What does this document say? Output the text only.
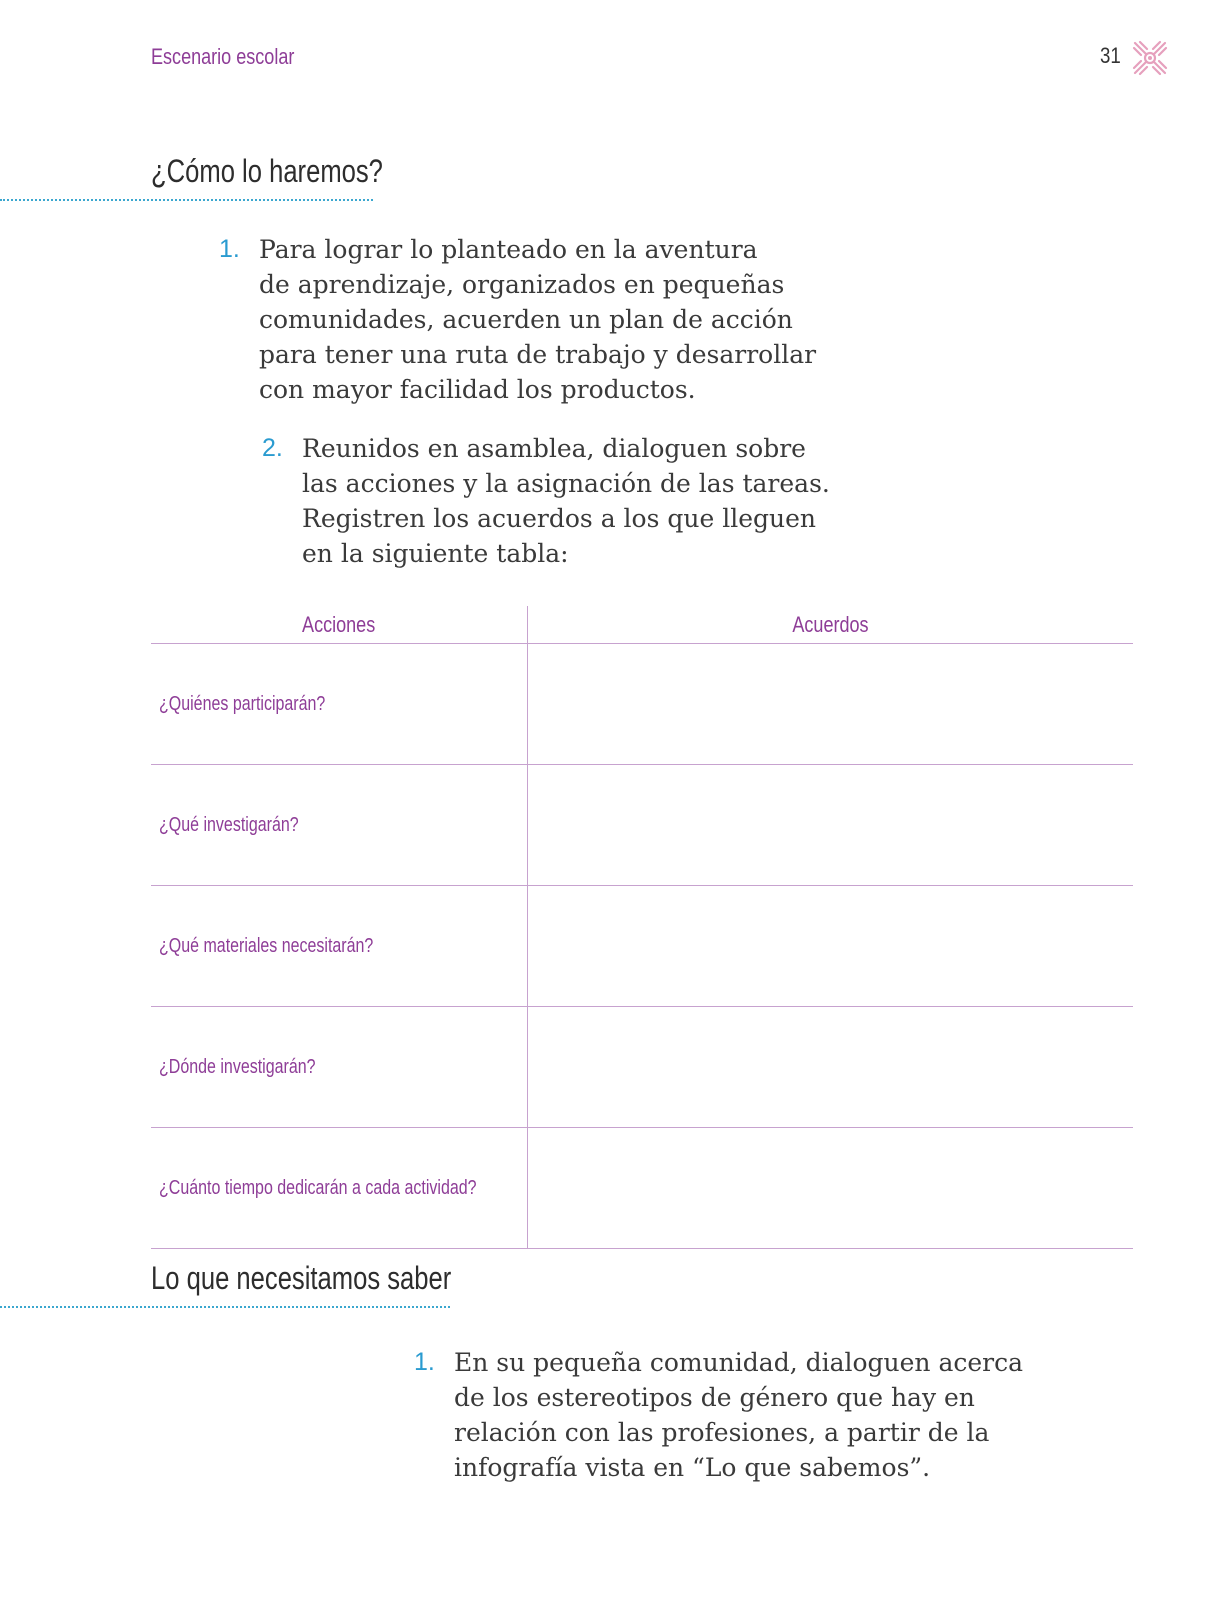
Escenario escolar	31
¿Cómo lo haremos?
1. Para lograr lo planteado en la aventura
de aprendizaje, organizados en pequeñas
comunidades, acuerden un plan de acción
para tener una ruta de trabajo y desarrollar
con mayor facilidad los productos.
2. Reunidos en asamblea, dialoguen sobre
las acciones y la asignación de las tareas.
Registren los acuerdos a los que lleguen
en la siguiente tabla:
Acciones	Acuerdos
¿Quiénes participarán?	
¿Qué investigarán?	
¿Qué materiales necesitarán?	
¿Dónde investigarán?	
¿Cuánto tiempo dedicarán a cada actividad?	
Lo que necesitamos saber
1. En su pequeña comunidad, dialoguen acerca
de los estereotipos de género que hay en
relación con las profesiones, a partir de la
infografía vista en “Lo que sabemos”.
